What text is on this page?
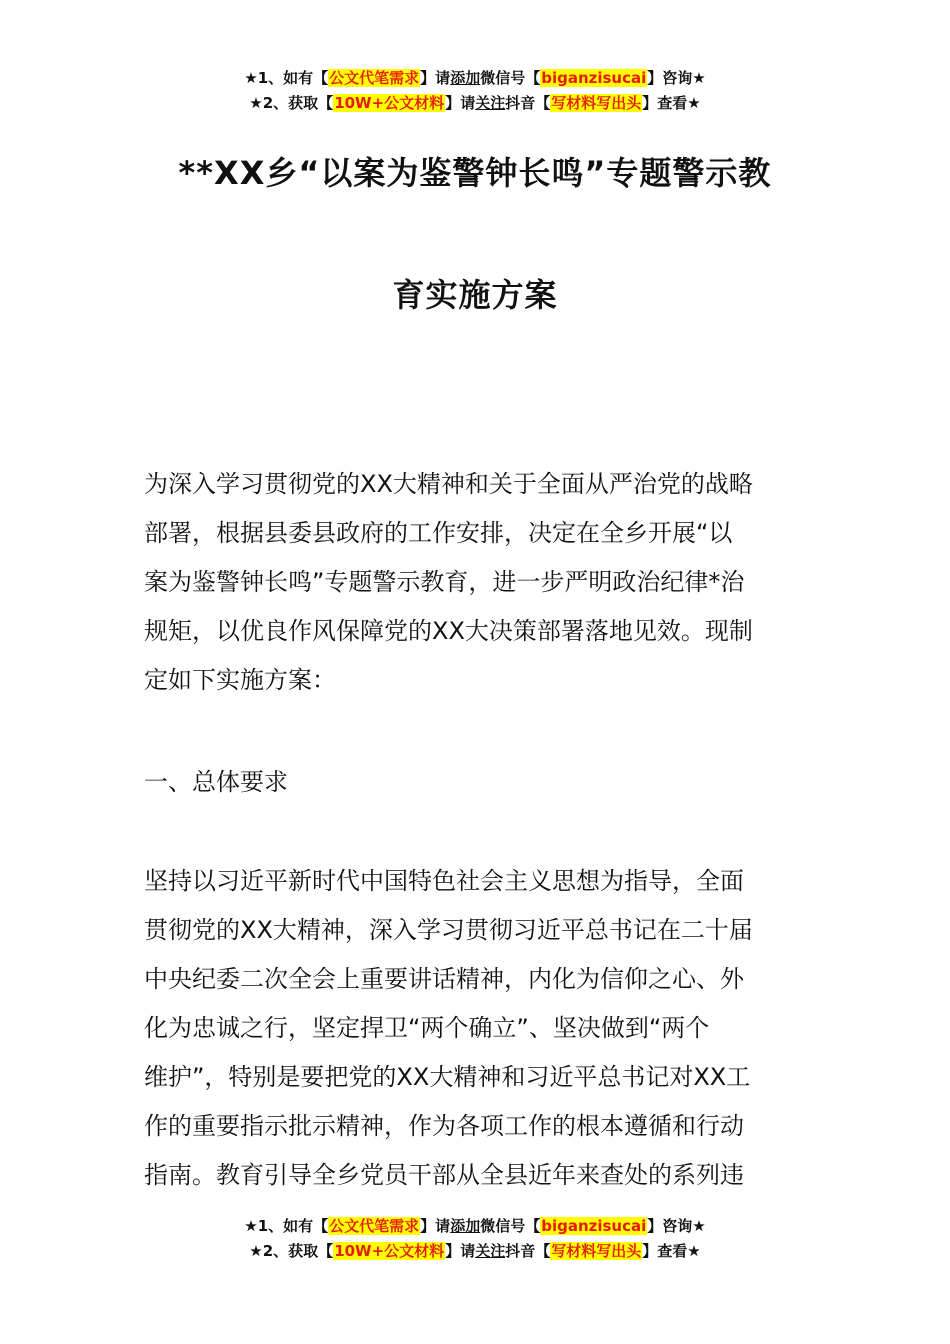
★1、如有【公文代笔需求】请添加微信号【biganzisucai】咨询★
★2、获取【10W+公文材料】请关注抖音【写材料写出头】查看★
**XX乡“以案为鉴警钟长鸣”专题警示教
育实施方案
为深入学习贯彻党的XX大精神和关于全面从严治党的战略
部署，根据县委县政府的工作安排，决定在全乡开展“以
案为鉴警钟长鸣”专题警示教育，进一步严明政治纪律*治
规矩，以优良作风保障党的XX大决策部署落地见效。现制
定如下实施方案：
一、总体要求
坚持以习近平新时代中国特色社会主义思想为指导，全面
贯彻党的XX大精神，深入学习贯彻习近平总书记在二十届
中央纪委二次全会上重要讲话精神，内化为信仰之心、外
化为忠诚之行，坚定捍卫“两个确立”、坚决做到“两个
维护”，特别是要把党的XX大精神和习近平总书记对XX工
作的重要指示批示精神，作为各项工作的根本遵循和行动
指南。教育引导全乡党员干部从全县近年来查处的系列违
★1、如有【公文代笔需求】请添加微信号【biganzisucai】咨询★
★2、获取【10W+公文材料】请关注抖音【写材料写出头】查看★
